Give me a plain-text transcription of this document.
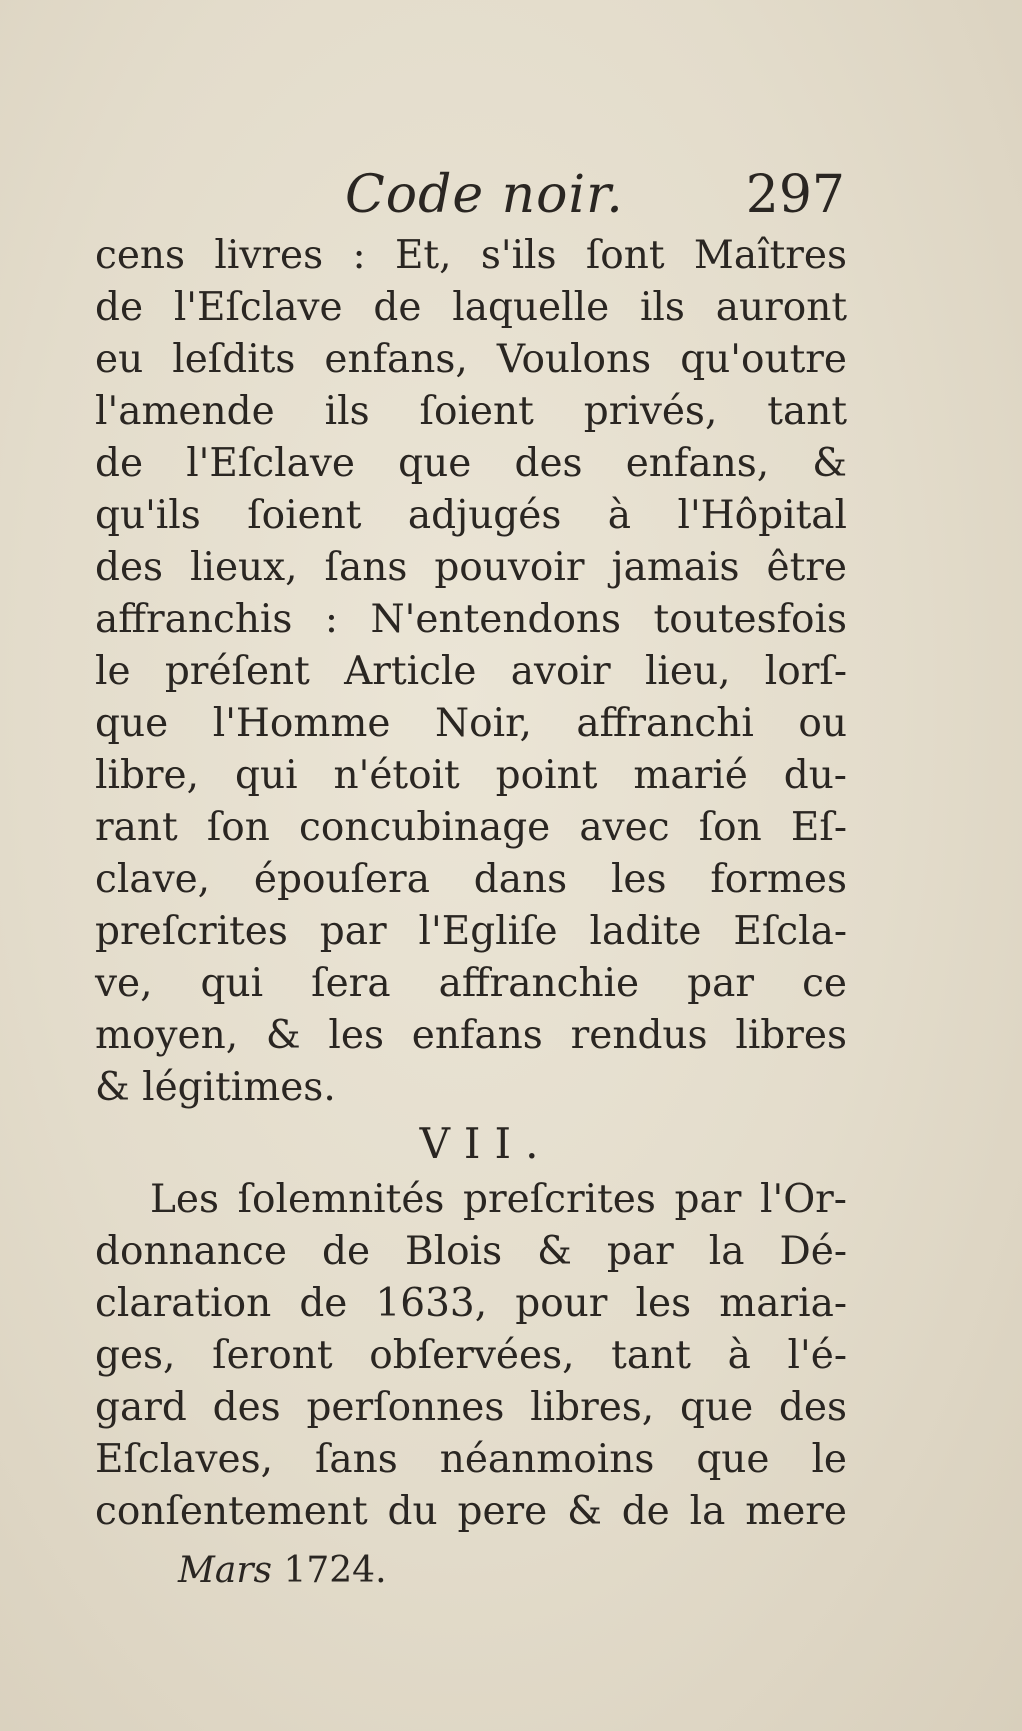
Code noir. 297
cens livres : Et, s'ils ſont Maîtres
de l'Eſclave de laquelle ils auront
eu leſdits enfans, Voulons qu'outre
l'amende ils ſoient privés, tant
de l'Eſclave que des enfans, &
qu'ils ſoient adjugés à l'Hôpital
des lieux, ſans pouvoir jamais être
affranchis : N'entendons toutesfois
le préſent Article avoir lieu, lorſ-
que l'Homme Noir, affranchi ou
libre, qui n'étoit point marié du-
rant ſon concubinage avec ſon Eſ-
clave, épouſera dans les formes
preſcrites par l'Egliſe ladite Eſcla-
ve, qui ſera affranchie par ce
moyen, & les enfans rendus libres
& légitimes.
VII.
Les ſolemnités preſcrites par l'Or-
donnance de Blois & par la Dé-
claration de 1633, pour les maria-
ges, ſeront obſervées, tant à l'é-
gard des perſonnes libres, que des
Eſclaves, ſans néanmoins que le
conſentement du pere & de la mere
Mars 1724.
